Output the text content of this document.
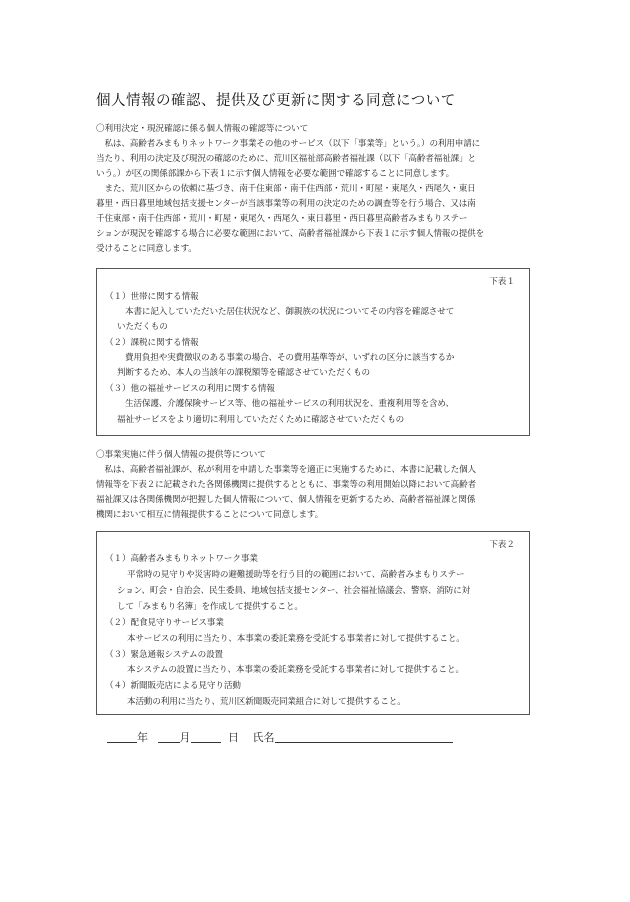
個人情報の確認、提供及び更新に関する同意について
〇利用決定・現況確認に係る個人情報の確認等について
　私は、高齢者みまもりネットワーク事業その他のサービス（以下「事業等」という。）の利用申請に
当たり、利用の決定及び現況の確認のために、荒川区福祉部高齢者福祉課（以下「高齢者福祉課」と
いう。）が区の関係部課から下表１に示す個人情報を必要な範囲で確認することに同意します。
　また、荒川区からの依頼に基づき、南千住東部・南千住西部・荒川・町屋・東尾久・西尾久・東日
暮里・西日暮里地域包括支援センターが当該事業等の利用の決定のための調査等を行う場合、又は南
千住東部・南千住西部・荒川・町屋・東尾久・西尾久・東日暮里・西日暮里高齢者みまもりステー
ションが現況を確認する場合に必要な範囲において、高齢者福祉課から下表１に示す個人情報の提供を
受けることに同意します。
下表１
（１）世帯に関する情報
本書に記入していただいた居住状況など、御親族の状況についてその内容を確認させて
いただくもの
（２）課税に関する情報
費用負担や実費徴収のある事業の場合、その費用基準等が、いずれの区分に該当するか
判断するため、本人の当該年の課税額等を確認させていただくもの
（３）他の福祉サービスの利用に関する情報
生活保護、介護保険サービス等、他の福祉サービスの利用状況を、重複利用等を含め、
福祉サービスをより適切に利用していただくために確認させていただくもの
〇事業実施に伴う個人情報の提供等について
　私は、高齢者福祉課が、私が利用を申請した事業等を適正に実施するために、本書に記載した個人
情報等を下表２に記載された各関係機関に提供するとともに、事業等の利用開始以降において高齢者
福祉課又は各関係機関が把握した個人情報について、個人情報を更新するため、高齢者福祉課と関係
機関において相互に情報提供することについて同意します。
下表２
（１）高齢者みまもりネットワーク事業
平常時の見守りや災害時の避難援助等を行う目的の範囲において、高齢者みまもりステー
ション、町会・自治会、民生委員、地域包括支援センター、社会福祉協議会、警察、消防に対
して「みまもり名簿」を作成して提供すること。
（２）配食見守りサービス事業
本サービスの利用に当たり、本事業の委託業務を受託する事業者に対して提供すること。
（３）緊急通報システムの設置
本システムの設置に当たり、本事業の委託業務を受託する事業者に対して提供すること。
（４）新聞販売店による見守り活動
本活動の利用に当たり、荒川区新聞販売同業組合に対して提供すること。
年	月	日 氏名
